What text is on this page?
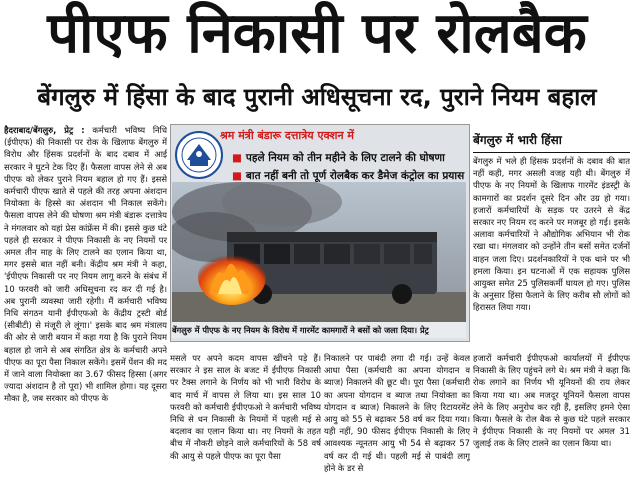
पीएफ निकासी पर रोलबैक
बेंगलुरु में हिंसा के बाद पुरानी अधिसूचना रद, पुराने नियम बहाल
हैदराबाद/बेंगलुरु, प्रेट्र : कर्मचारी भविष्य निधि (ईपीएफ) की निकासी पर रोक के खिलाफ बेंगलुरु में विरोध और हिंसक प्रदर्शनों के बाद दबाव में आई सरकार ने घुटने टेक दिए हैं। फैसला वापस लेने से अब पीएफ को लेकर पुराने नियम बहाल हो गए हैं। इससे कर्मचारी पीएफ खाते से पहले की तरह अपना अंशदान नियोक्ता के हिस्से का अंशदान भी निकाल सकेंगे। फैसला वापस लेने की घोषणा श्रम मंत्री बंडारू दत्तात्रेय ने मंगलवार को यहां प्रेस कांफ्रेंस में की। इससे कुछ घंटे पहले ही सरकार ने पीएफ निकासी के नए नियमों पर अमल तीन माह के लिए टालने का एलान किया था, मगर इससे बात नहीं बनी। केंद्रीय श्रम मंत्री ने कहा, 'ईपीएफ निकासी पर नए नियम लागू करने के संबंध में 10 फरवरी को जारी अधिसूचना रद कर दी गई है। अब पुरानी व्यवस्था जारी रहेगी। मैं कर्मचारी भविष्य निधि संगठन यानी ईपीएफओ के केंद्रीय ट्रस्टी बोर्ड (सीबीटी) से मंजूरी ले लूंगा।' इसके बाद श्रम मंत्रालय की ओर से जारी बयान में कहा गया है कि पुराने नियम बहाल हो जाने से अब संगठित क्षेत्र के कर्मचारी अपने पीएफ का पूरा पैसा निकाल सकेंगे। इसमें पेंशन की मद में जाने वाला नियोक्ता का 3.67 फीसद हिस्सा (अगर ज्यादा अंशदान है तो पूरा) भी शामिल होगा। यह दूसरा मौका है, जब सरकार को पीएफ के
श्रम मंत्री बंडारू दत्तात्रेय एक्शन में
■ पहले नियम को तीन महीने के लिए टालने की घोषणा
■ बात नहीं बनी तो पूर्ण रोलबैक कर डैमेज कंट्रोल का प्रयास
बेंगलुरु में पीएफ के नए नियम के विरोध में गारमेंट कामगारों ने बसों को जला दिया। प्रेट्र
बेंगलुरु में भारी हिंसा
बेंगलुरु में भले ही हिंसक प्रदर्शनों के दबाव की बात नहीं कही, मगर असली वजह यही थी। बेंगलुरु में पीएफ के नए नियमों के खिलाफ गारमेंट इंडस्ट्री के कामगारों का प्रदर्शन दूसरे दिन और उग्र हो गया। हजारों कर्मचारियों के सड़क पर उतरने से केंद्र सरकार नए नियम रद करने पर मजबूर हो गई। इसके अलावा कर्मचारियों ने औद्योगिक अभियान भी रोक रखा था। मंगलवार को उन्होंने तीन बसों समेत दर्जनों वाहन जला दिए। प्रदर्शनकारियों ने एक थाने पर भी हमला किया। इन घटनाओं में एक सहायक पुलिस आयुक्त समेत 25 पुलिसकर्मी घायल हो गए। पुलिस के अनुसार हिंसा फैलाने के लिए करीब सौ लोगों को हिरासत लिया गया।
मसले पर अपने कदम वापस खींचने पड़े हैं। सरकार ने इस साल के बजट में ईपीएफ निकासी पर टैक्स लगाने के निर्णय को भी भारी विरोध के बाद मार्च में वापस ले लिया था। इस साल 10 फरवरी को कर्मचारी ईपीएफओ ने कर्मचारी भविष्य निधि से धन निकासी के नियमों में पहली मई से बदलाव का एलान किया था। नए नियमों के तहत बीच में नौकरी छोड़ने वाले कर्मचारियों के 58 वर्ष की आयु से पहले पीएफ का पूरा पैसा
निकालने पर पाबंदी लगा दी गई। उन्हें केवल आधा पैसा (कर्मचारी का अपना योगदान व ब्याज) निकालने की छूट थी। पूरा पैसा (कर्मचारी का अपना योगदान व ब्याज तथा नियोक्ता का योगदान व ब्याज) निकालने के लिए रिटायरमेंट आयु को 55 से बढ़ाकर 58 वर्ष कर दिया गया। यही नहीं, 90 फीसद ईपीएफ निकासी के लिए आवश्यक न्यूनतम आयु भी 54 से बढ़ाकर 57 वर्ष कर दी गई थी। पहली मई से पाबंदी लागू होने के डर से
हजारों कर्मचारी ईपीएफओ कार्यालयों में ईपीएफ निकासी के लिए पहुंचने लगे थे। श्रम मंत्री ने कहा कि रोक लगाने का निर्णय भी यूनियनों की राय लेकर किया गया था। अब मजदूर यूनियनें फैसला वापस लेने के लिए अनुरोध कर रही हैं, इसलिए हमने ऐसा किया। फैसले के रोल बैक से कुछ घंटे पहले सरकार ने ईपीएफ निकासी के नए नियमों पर अमल 31 जुलाई तक के लिए टालने का एलान किया था।
